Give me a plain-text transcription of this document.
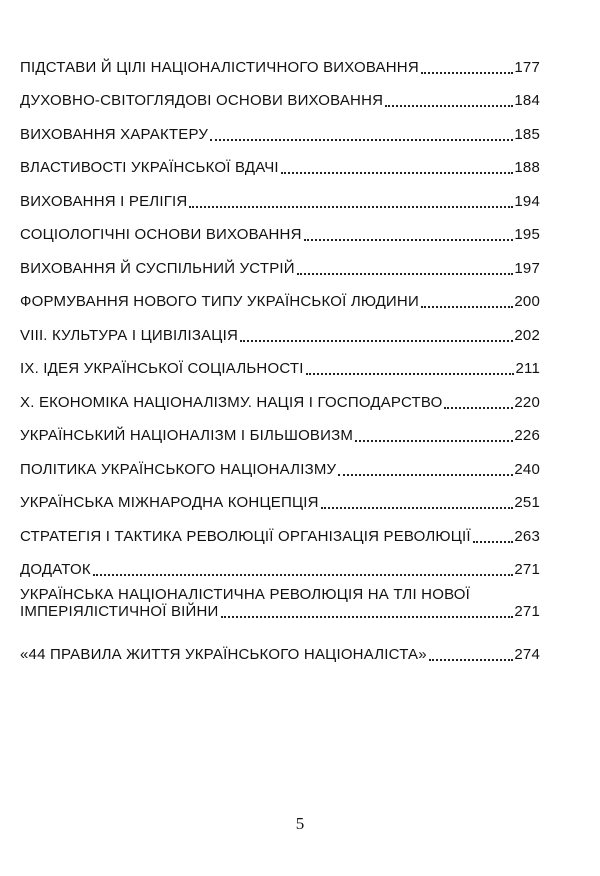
ПІДСТАВИ Й ЦІЛІ НАЦІОНАЛІСТИЧНОГО ВИХОВАННЯ	177
ДУХОВНО-СВІТОГЛЯДОВІ ОСНОВИ ВИХОВАННЯ	184
ВИХОВАННЯ ХАРАКТЕРУ	185
ВЛАСТИВОСТІ УКРАЇНСЬКОЇ ВДАЧІ	188
ВИХОВАННЯ І РЕЛІГІЯ	194
СОЦІОЛОГІЧНІ ОСНОВИ ВИХОВАННЯ	195
ВИХОВАННЯ Й СУСПІЛЬНИЙ УСТРІЙ	197
ФОРМУВАННЯ НОВОГО ТИПУ УКРАЇНСЬКОЇ ЛЮДИНИ	200
VIII. КУЛЬТУРА І ЦИВІЛІЗАЦІЯ	202
IX. ІДЕЯ УКРАЇНСЬКОЇ СОЦІАЛЬНОСТІ	211
X. ЕКОНОМІКА НАЦІОНАЛІЗМУ. НАЦІЯ І ГОСПОДАРСТВО	220
УКРАЇНСЬКИЙ НАЦІОНАЛІЗМ І БІЛЬШОВИЗМ	226
ПОЛІТИКА УКРАЇНСЬКОГО НАЦІОНАЛІЗМУ	240
УКРАЇНСЬКА МІЖНАРОДНА КОНЦЕПЦІЯ	251
СТРАТЕГІЯ І ТАКТИКА РЕВОЛЮЦІЇ ОРГАНІЗАЦІЯ РЕВОЛЮЦІЇ	263
ДОДАТОК	271
УКРАЇНСЬКА НАЦІОНАЛІСТИЧНА РЕВОЛЮЦІЯ НА ТЛІ НОВОЇ
ІМПЕРІЯЛІСТИЧНОЇ ВІЙНИ	271
«44 ПРАВИЛА ЖИТТЯ УКРАЇНСЬКОГО НАЦІОНАЛІСТА»	274
5
